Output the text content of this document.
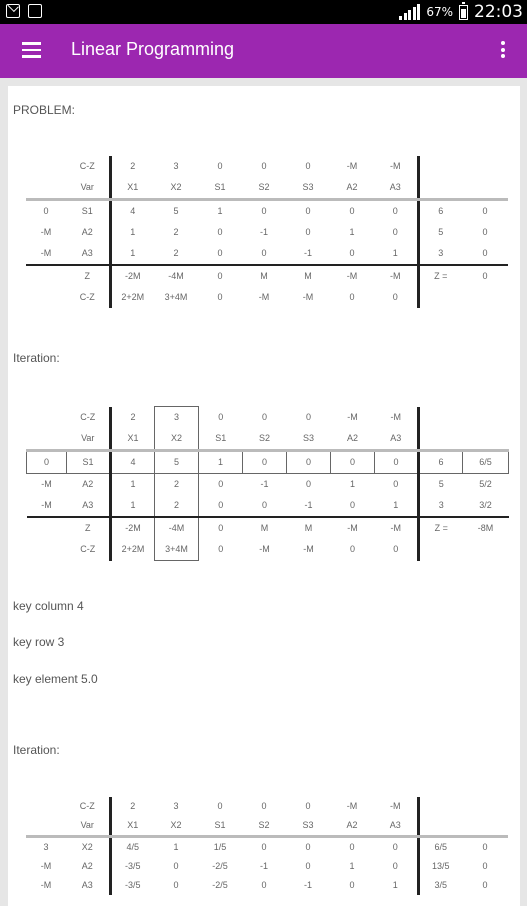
67% 22:03
Linear Programming
PROBLEM:
	C-Z	2	3	0	0	0	-M	-M		
	Var	X1	X2	S1	S2	S3	A2	A3		
0	S1	4	5	1	0	0	0	0	6	0
-M	A2	1	2	0	-1	0	1	0	5	0
-M	A3	1	2	0	0	-1	0	1	3	0
	Z	-2M	-4M	0	M	M	-M	-M	Z =	0
	C-Z	2+2M	3+4M	0	-M	-M	0	0		
Iteration:
	C-Z	2	3	0	0	0	-M	-M		
	Var	X1	X2	S1	S2	S3	A2	A3		
0	S1	4	5	1	0	0	0	0	6	6/5
-M	A2	1	2	0	-1	0	1	0	5	5/2
-M	A3	1	2	0	0	-1	0	1	3	3/2
	Z	-2M	-4M	0	M	M	-M	-M	Z =	-8M
	C-Z	2+2M	3+4M	0	-M	-M	0	0		
key column 4
key row 3
key element 5.0
Iteration:
	C-Z	2	3	0	0	0	-M	-M		
	Var	X1	X2	S1	S2	S3	A2	A3		
3	X2	4/5	1	1/5	0	0	0	0	6/5	0
-M	A2	-3/5	0	-2/5	-1	0	1	0	13/5	0
-M	A3	-3/5	0	-2/5	0	-1	0	1	3/5	0
